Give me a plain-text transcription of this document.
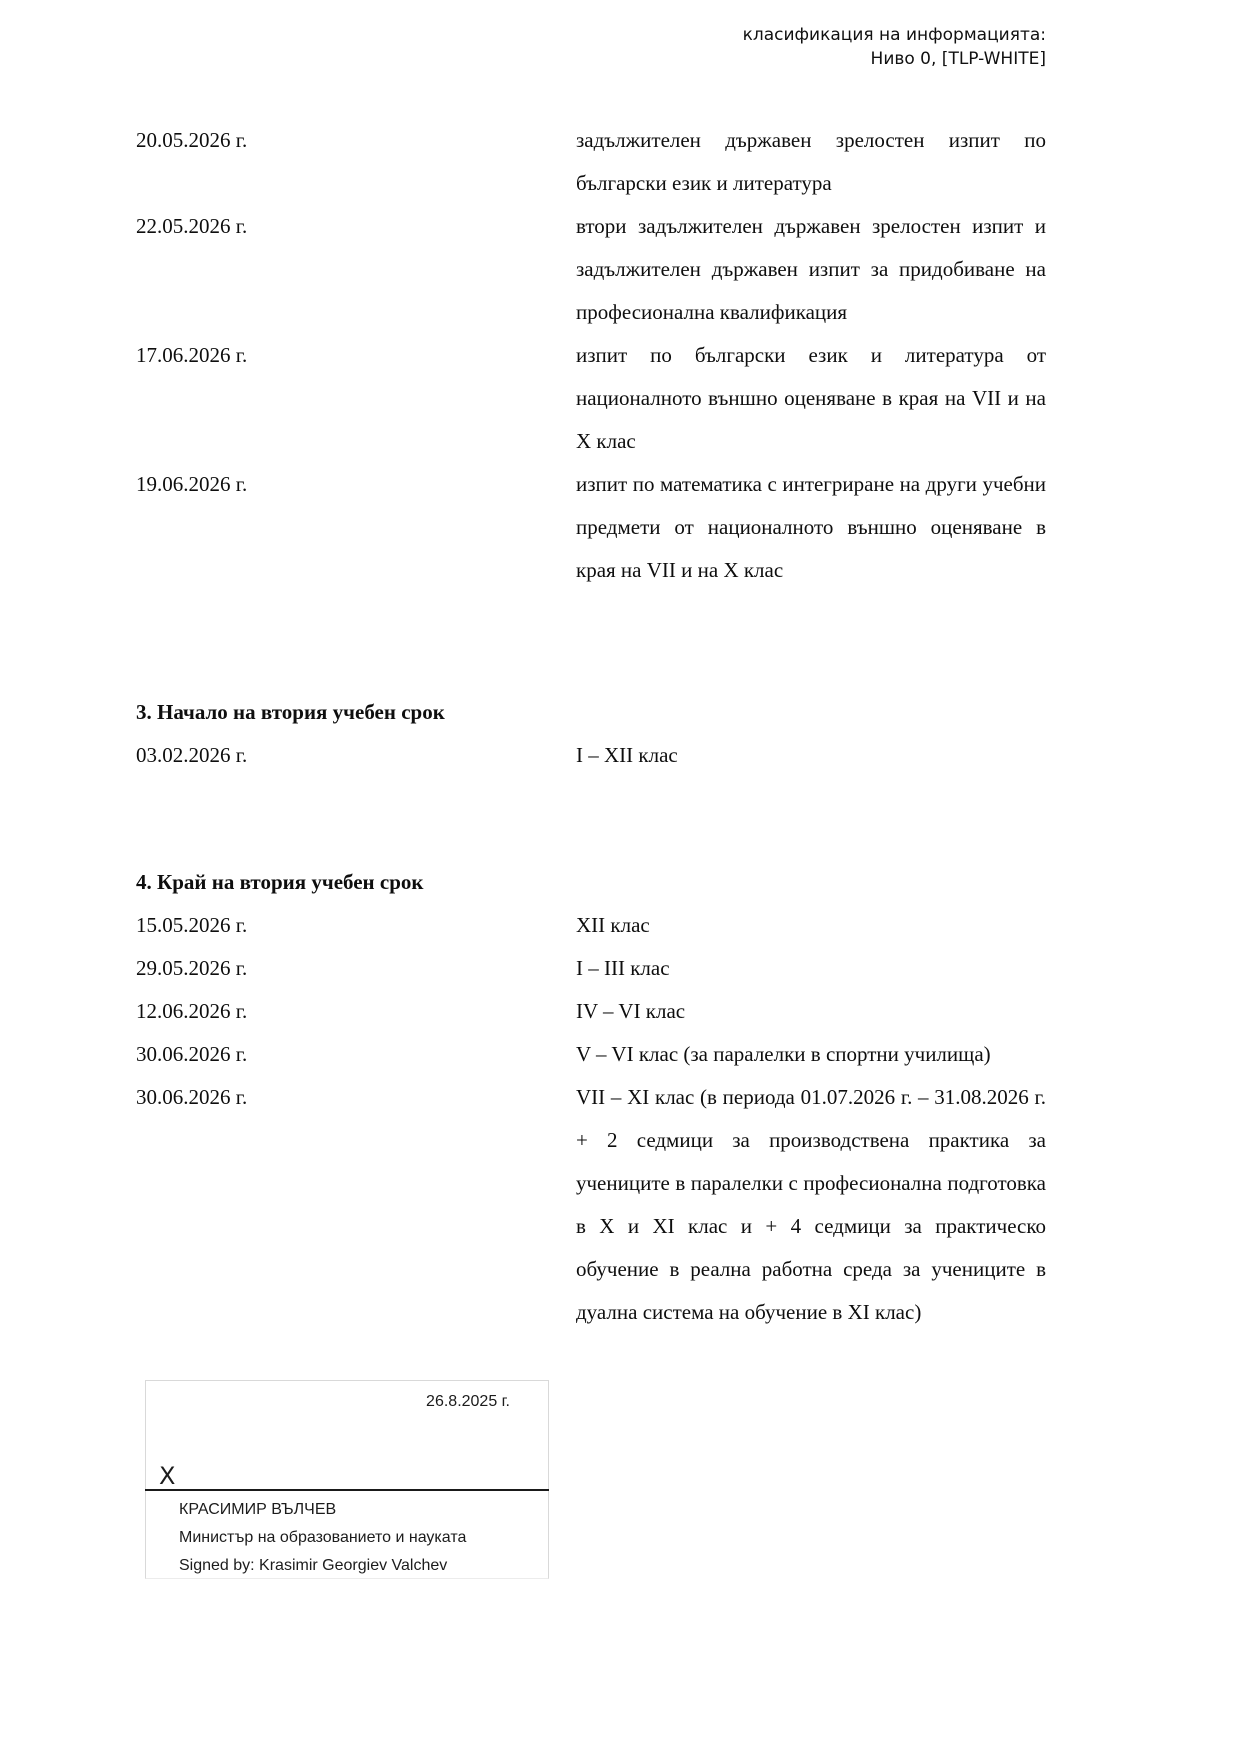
класификация на информацията:
Ниво 0, [TLP-WHITE]
20.05.2026 г.	задължителен държавен зрелостен изпит по български език и литература
22.05.2026 г.	втори задължителен държавен зрелостен изпит и задължителен държавен изпит за придобиване на професионална квалификация
17.06.2026 г.	изпит по български език и литература от националното външно оценяване в края на VII и на X клас
19.06.2026 г.	изпит по математика с интегриране на други учебни предмети от националното външно оценяване в края на VII и на X клас
3. Начало на втория учебен срок
03.02.2026 г.	I – XII клас
4. Край на втория учебен срок
15.05.2026 г.	XII клас
29.05.2026 г.	I – III клас
12.06.2026 г.	IV – VI клас
30.06.2026 г.	V – VI клас (за паралелки в спортни училища)
30.06.2026 г.	VII – XI клас (в периода 01.07.2026 г. – 31.08.2026 г. + 2 седмици за производствена практика за учениците в паралелки с професионална подготовка в X и XI клас и + 4 седмици за практическо обучение в реална работна среда за учениците в дуална система на обучение в XI клас)
26.8.2025 г.
X
КРАСИМИР ВЪЛЧЕВ
Министър на образованието и науката
Signed by: Krasimir Georgiev Valchev
